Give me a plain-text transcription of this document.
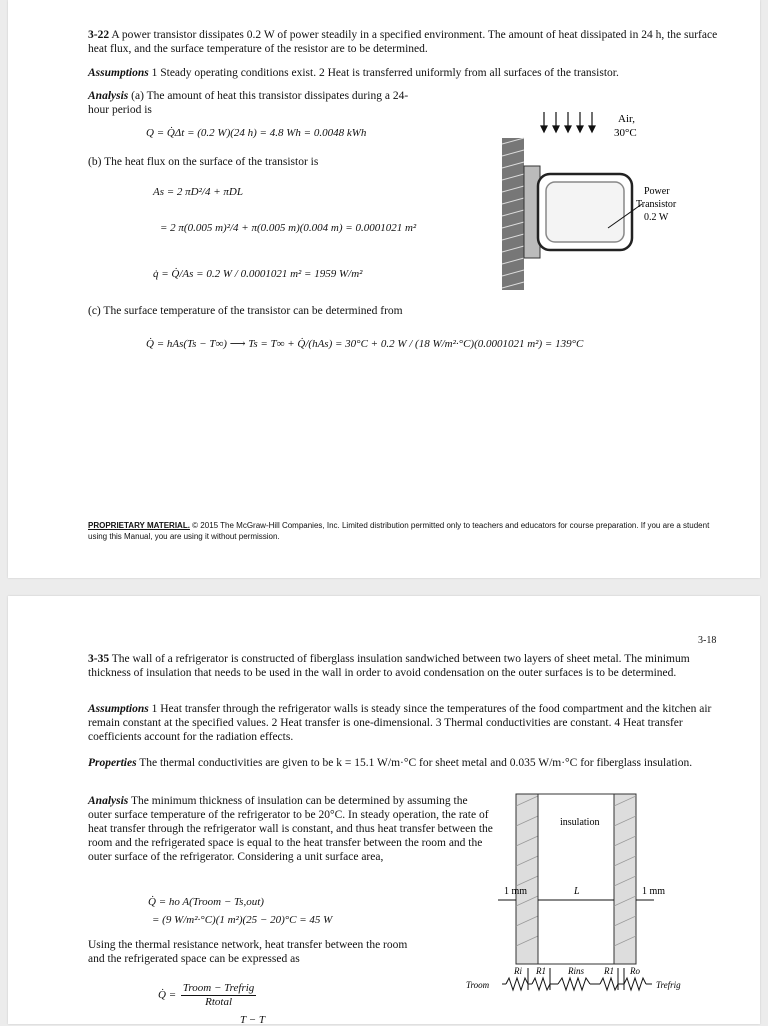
3-22 A power transistor dissipates 0.2 W of power steadily in a specified environment. The amount of heat dissipated in 24 h, the surface heat flux, and the surface temperature of the resistor are to be determined.
Assumptions 1 Steady operating conditions exist. 2 Heat is transferred uniformly from all surfaces of the transistor.
Analysis (a) The amount of heat this transistor dissipates during a 24-hour period is
Q = Q̇Δt = (0.2 W)(24 h) = 4.8 Wh = 0.0048 kWh
(b) The heat flux on the surface of the transistor is
As = 2 πD²/4 + πDL
= 2 π(0.005 m)²/4 + π(0.005 m)(0.004 m) = 0.0001021 m²
q̇ = Q̇/As = 0.2 W / 0.0001021 m² = 1959 W/m²
(c) The surface temperature of the transistor can be determined from
Q̇ = hAs(Ts − T∞) ⟶ Ts = T∞ + Q̇/(hAs) = 30°C + 0.2 W / (18 W/m²·°C)(0.0001021 m²) = 139°C
Air,
30°C
Power
Transistor
0.2 W
PROPRIETARY MATERIAL. © 2015 The McGraw-Hill Companies, Inc. Limited distribution permitted only to teachers and educators for course preparation. If you are a student using this Manual, you are using it without permission.
3-18
3-35 The wall of a refrigerator is constructed of fiberglass insulation sandwiched between two layers of sheet metal. The minimum thickness of insulation that needs to be used in the wall in order to avoid condensation on the outer surfaces is to be determined.
Assumptions 1 Heat transfer through the refrigerator walls is steady since the temperatures of the food compartment and the kitchen air remain constant at the specified values. 2 Heat transfer is one-dimensional. 3 Thermal conductivities are constant. 4 Heat transfer coefficients account for the radiation effects.
Properties The thermal conductivities are given to be k = 15.1 W/m·°C for sheet metal and 0.035 W/m·°C for fiberglass insulation.
Analysis The minimum thickness of insulation can be determined by assuming the outer surface temperature of the refrigerator to be 20°C. In steady operation, the rate of heat transfer through the refrigerator wall is constant, and thus heat transfer between the room and the refrigerated space is equal to the heat transfer between the room and the outer surface of the refrigerator. Considering a unit surface area,
Q̇ = ho A(Troom − Ts,out)
= (9 W/m²·°C)(1 m²)(25 − 20)°C = 45 W
Using the thermal resistance network, heat transfer between the room and the refrigerated space can be expressed as
Q̇ = $\frac{\text{Troom − Trefrig}}{\text{Rtotal}}$
T − T
insulation
1 mm	L	1 mm
Troom	Trefrig
Ri R1 Rins R1 Ro
